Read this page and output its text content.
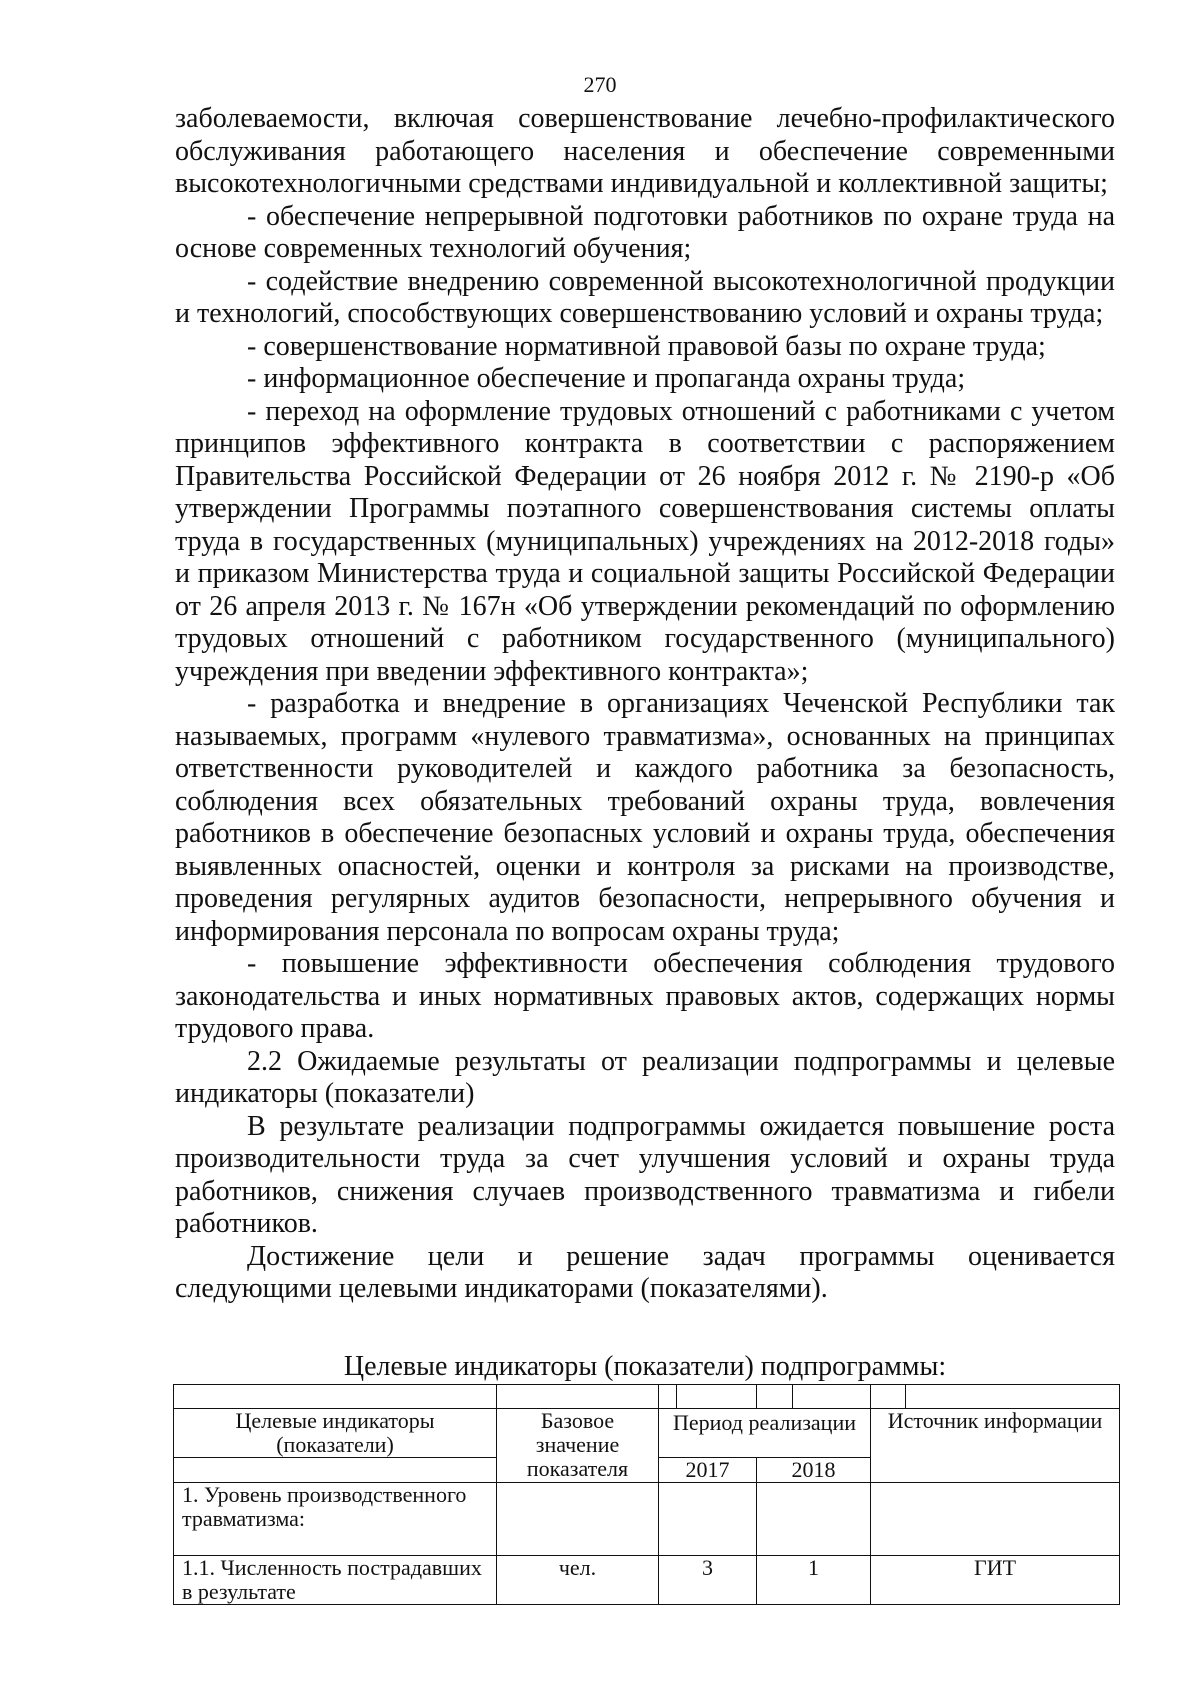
270

заболеваемости, включая совершенствование лечебно-профилактического обслуживания работающего населения и обеспечение современными высокотехнологичными средствами индивидуальной и коллективной защиты;

- обеспечение непрерывной подготовки работников по охране труда на основе современных технологий обучения;

- содействие внедрению современной высокотехнологичной продукции и технологий, способствующих совершенствованию условий и охраны труда;

- совершенствование нормативной правовой базы по охране труда;

- информационное обеспечение и пропаганда охраны труда;

- переход на оформление трудовых отношений с работниками с учетом принципов эффективного контракта в соответствии с распоряжением Правительства Российской Федерации от 26 ноября 2012 г. № 2190-р «Об утверждении Программы поэтапного совершенствования системы оплаты труда в государственных (муниципальных) учреждениях на 2012-2018 годы» и приказом Министерства труда и социальной защиты Российской Федерации от 26 апреля 2013 г. № 167н «Об утверждении рекомендаций по оформлению трудовых отношений с работником государственного (муниципального) учреждения при введении эффективного контракта»;

- разработка и внедрение в организациях Чеченской Республики так называемых, программ «нулевого травматизма», основанных на принципах ответственности руководителей и каждого работника за безопасность, соблюдения всех обязательных требований охраны труда, вовлечения работников в обеспечение безопасных условий и охраны труда, обеспечения выявленных опасностей, оценки и контроля за рисками на производстве, проведения регулярных аудитов безопасности, непрерывного обучения и информирования персонала по вопросам охраны труда;

- повышение эффективности обеспечения соблюдения трудового законодательства и иных нормативных правовых актов, содержащих нормы трудового права.

2.2 Ожидаемые результаты от реализации подпрограммы и целевые индикаторы (показатели)

В результате реализации подпрограммы ожидается повышение роста производительности труда за счет улучшения условий и охраны труда работников, снижения случаев производственного травматизма и гибели работников.

Достижение цели и решение задач программы оценивается следующими целевыми индикаторами (показателями).

Целевые индикаторы (показатели) подпрограммы:

Целевые индикаторы (показатели)	Базовое значение показателя	Период реализации				Источник информации	
		2017		2018			
1. Уровень производственного травматизма:							
1.1. Численность пострадавших в результате	чел.	3		1		ГИТ	
